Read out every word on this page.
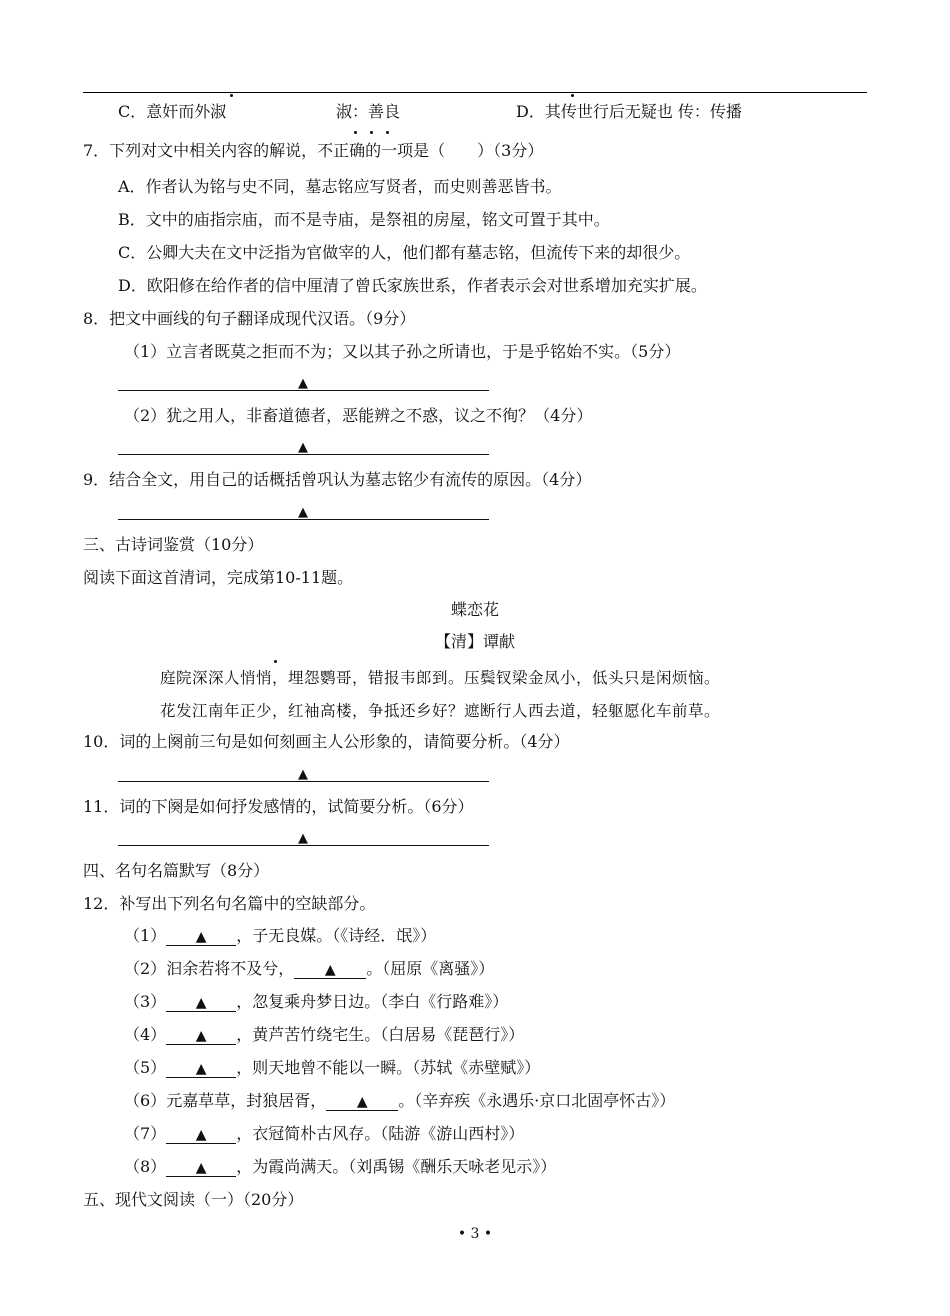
C．意奸而外淑	淑：善良	D．其传世行后无疑也 传：传播
7．下列对文中相关内容的解说，不正确的一项是（　　）（3分）
A．作者认为铭与史不同，墓志铭应写贤者，而史则善恶皆书。
B．文中的庙指宗庙，而不是寺庙，是祭祖的房屋，铭文可置于其中。
C．公卿大夫在文中泛指为官做宰的人，他们都有墓志铭，但流传下来的却很少。
D．欧阳修在给作者的信中厘清了曾氏家族世系，作者表示会对世系增加充实扩展。
8．把文中画线的句子翻译成现代汉语。（9分）
（1）立言者既莫之拒而不为；又以其子孙之所请也，于是乎铭始不实。（5分）
▲
（2）犹之用人，非畜道德者，恶能辨之不惑，议之不徇？（4分）
▲
9．结合全文，用自己的话概括曾巩认为墓志铭少有流传的原因。（4分）
▲
三、古诗词鉴赏（10分）
阅读下面这首清词，完成第10-11题。
蝶恋花
【清】谭献
庭院深深人悄悄，埋怨鹦哥，错报韦郎到。压鬓钗梁金凤小，低头只是闲烦恼。
花发江南年正少，红袖高楼，争抵还乡好？遮断行人西去道，轻躯愿化车前草。
10．词的上阕前三句是如何刻画主人公形象的，请简要分析。（4分）
▲
11．词的下阕是如何抒发感情的，试简要分析。（6分）
▲
四、名句名篇默写（8分）
12．补写出下列名句名篇中的空缺部分。
（1） ▲ ，子无良媒。（《诗经．氓》）
（2）汩余若将不及兮， ▲ 。（屈原《离骚》）
（3） ▲ ，忽复乘舟梦日边。（李白《行路难》）
（4） ▲ ，黄芦苦竹绕宅生。（白居易《琵琶行》）
（5） ▲ ，则天地曾不能以一瞬。（苏轼《赤壁赋》）
（6）元嘉草草，封狼居胥， ▲ 。（辛弃疾《永遇乐·京口北固亭怀古》）
（7） ▲ ，衣冠简朴古风存。（陆游《游山西村》）
（8） ▲ ，为霞尚满天。（刘禹锡《酬乐天咏老见示》）
五、现代文阅读（一）（20分）
• 3 •
